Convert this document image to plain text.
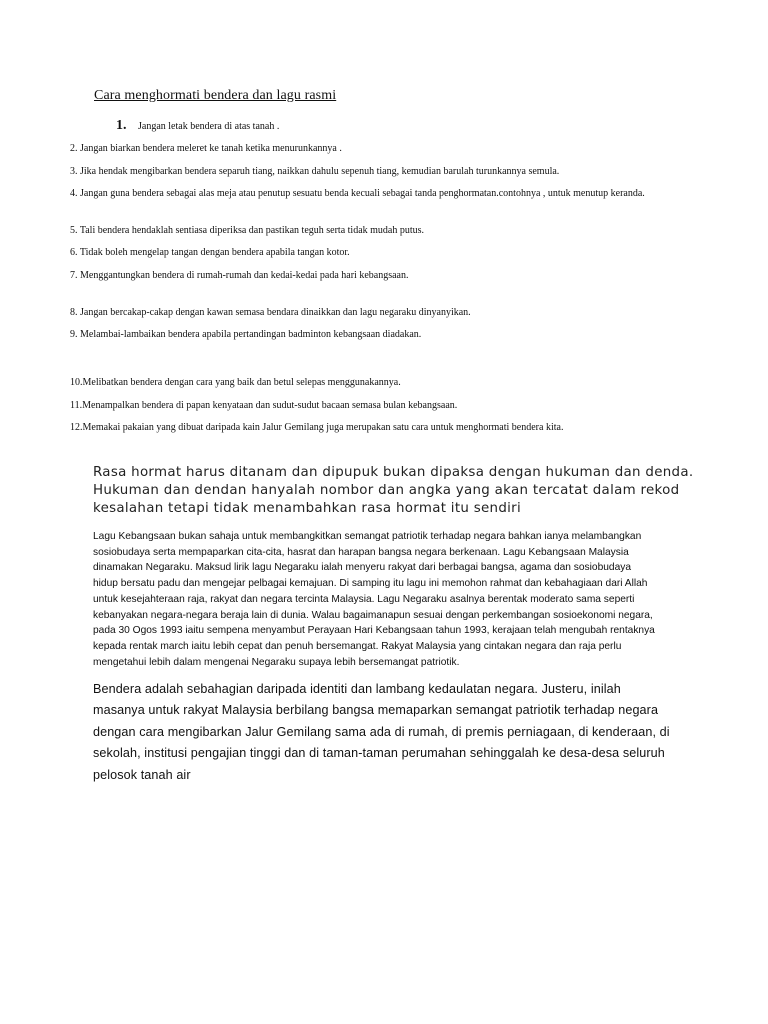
Cara menghormati bendera dan lagu rasmi
1. Jangan letak bendera di atas tanah .
2. Jangan biarkan bendera meleret ke tanah ketika menurunkannya .
3. Jika hendak mengibarkan bendera separuh tiang, naikkan dahulu sepenuh tiang, kemudian barulah turunkannya semula.
4. Jangan guna bendera sebagai alas meja atau penutup sesuatu benda kecuali sebagai tanda penghormatan.contohnya , untuk menutup keranda.
5. Tali bendera hendaklah sentiasa diperiksa dan pastikan teguh serta tidak mudah putus.
6. Tidak boleh mengelap tangan dengan bendera apabila tangan kotor.
7. Menggantungkan bendera di rumah-rumah dan kedai-kedai pada hari kebangsaan.
8. Jangan bercakap-cakap dengan kawan semasa bendara dinaikkan dan lagu negaraku dinyanyikan.
9. Melambai-lambaikan bendera apabila pertandingan badminton kebangsaan diadakan.
10.Melibatkan bendera dengan cara yang baik dan betul selepas menggunakannya.
11.Menampalkan bendera di papan kenyataan dan sudut-sudut bacaan semasa bulan kebangsaan.
12.Memakai pakaian yang dibuat daripada kain Jalur Gemilang juga merupakan satu cara untuk menghormati bendera kita.
Rasa hormat harus ditanam dan dipupuk bukan dipaksa dengan hukuman dan denda.
Hukuman dan dendan hanyalah nombor dan angka yang akan tercatat dalam rekod
kesalahan tetapi tidak menambahkan rasa hormat itu sendiri
Lagu Kebangsaan bukan sahaja untuk membangkitkan semangat patriotik terhadap negara bahkan ianya melambangkan
sosiobudaya serta mempaparkan cita-cita, hasrat dan harapan bangsa negara berkenaan. Lagu Kebangsaan Malaysia
dinamakan Negaraku. Maksud lirik lagu Negaraku ialah menyeru rakyat dari berbagai bangsa, agama dan sosiobudaya
hidup bersatu padu dan mengejar pelbagai kemajuan. Di samping itu lagu ini memohon rahmat dan kebahagiaan dari Allah
untuk kesejahteraan raja, rakyat dan negara tercinta Malaysia. Lagu Negaraku asalnya berentak moderato sama seperti
kebanyakan negara-negara beraja lain di dunia. Walau bagaimanapun sesuai dengan perkembangan sosioekonomi negara,
pada 30 Ogos 1993 iaitu sempena menyambut Perayaan Hari Kebangsaan tahun 1993, kerajaan telah mengubah rentaknya
kepada rentak march iaitu lebih cepat dan penuh bersemangat. Rakyat Malaysia yang cintakan negara dan raja perlu
mengetahui lebih dalam mengenai Negaraku supaya lebih bersemangat patriotik.
Bendera adalah sebahagian daripada identiti dan lambang kedaulatan negara. Justeru, inilah
masanya untuk rakyat Malaysia berbilang bangsa memaparkan semangat patriotik terhadap negara
dengan cara mengibarkan Jalur Gemilang sama ada di rumah, di premis perniagaan, di kenderaan, di
sekolah, institusi pengajian tinggi dan di taman-taman perumahan sehinggalah ke desa-desa seluruh
pelosok tanah air
